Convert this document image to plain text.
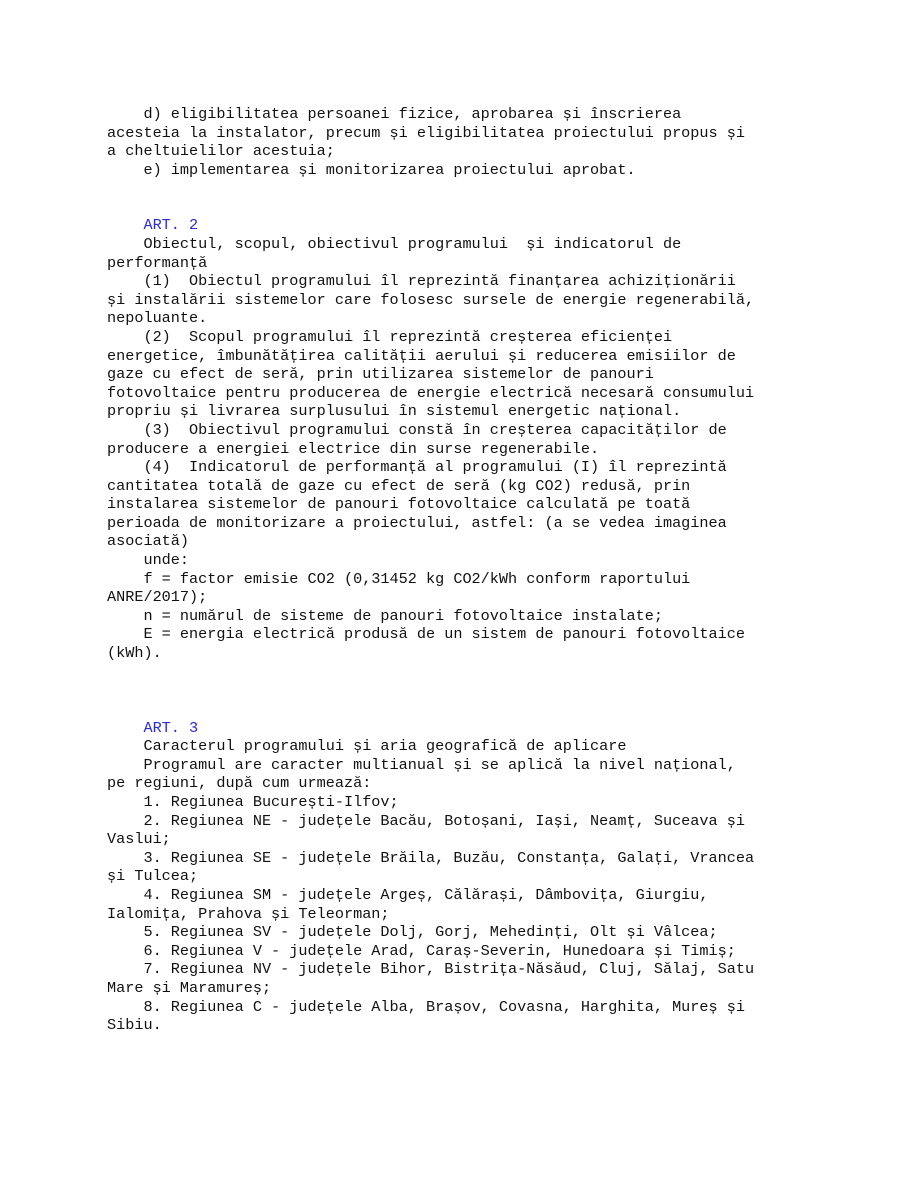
d) eligibilitatea persoanei fizice, aprobarea și înscrierea
acesteia la instalator, precum și eligibilitatea proiectului propus și
a cheltuielilor acestuia;
e) implementarea și monitorizarea proiectului aprobat.
ART. 2
Obiectul, scopul, obiectivul programului  și indicatorul de
performanță
(1)  Obiectul programului îl reprezintă finanțarea achiziționării
și instalării sistemelor care folosesc sursele de energie regenerabilă,
nepoluante.
(2)  Scopul programului îl reprezintă creșterea eficienței
energetice, îmbunătățirea calității aerului și reducerea emisiilor de
gaze cu efect de seră, prin utilizarea sistemelor de panouri
fotovoltaice pentru producerea de energie electrică necesară consumului
propriu și livrarea surplusului în sistemul energetic național.
(3)  Obiectivul programului constă în creșterea capacităților de
producere a energiei electrice din surse regenerabile.
(4)  Indicatorul de performanță al programului (I) îl reprezintă
cantitatea totală de gaze cu efect de seră (kg CO2) redusă, prin
instalarea sistemelor de panouri fotovoltaice calculată pe toată
perioada de monitorizare a proiectului, astfel: (a se vedea imaginea
asociată)
unde:
f = factor emisie CO2 (0,31452 kg CO2/kWh conform raportului
ANRE/2017);
n = numărul de sisteme de panouri fotovoltaice instalate;
E = energia electrică produsă de un sistem de panouri fotovoltaice
(kWh).
ART. 3
Caracterul programului și aria geografică de aplicare
Programul are caracter multianual și se aplică la nivel național,
pe regiuni, după cum urmează:
1. Regiunea București-Ilfov;
2. Regiunea NE - județele Bacău, Botoșani, Iași, Neamț, Suceava și
Vaslui;
3. Regiunea SE - județele Brăila, Buzău, Constanța, Galați, Vrancea
și Tulcea;
4. Regiunea SM - județele Argeș, Călărași, Dâmbovița, Giurgiu,
Ialomița, Prahova și Teleorman;
5. Regiunea SV - județele Dolj, Gorj, Mehedinți, Olt și Vâlcea;
6. Regiunea V - județele Arad, Caraș-Severin, Hunedoara și Timiș;
7. Regiunea NV - județele Bihor, Bistrița-Năsăud, Cluj, Sălaj, Satu
Mare și Maramureș;
8. Regiunea C - județele Alba, Brașov, Covasna, Harghita, Mureș și
Sibiu.
